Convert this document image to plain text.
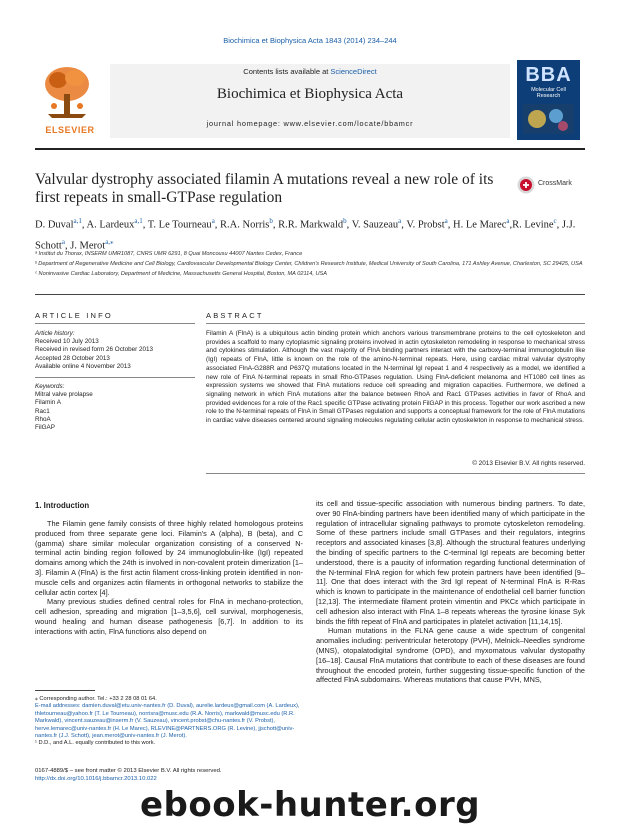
Biochimica et Biophysica Acta 1843 (2014) 234–244
ELSEVIER
Contents lists available at ScienceDirect
Biochimica et Biophysica Acta
journal homepage: www.elsevier.com/locate/bbamcr
BBA
Molecular Cell Research
Valvular dystrophy associated filamin A mutations reveal a new role of its first repeats in small-GTPase regulation
CrossMark
D. Duval$^{a,1}$, A. Lardeux$^{a,1}$, T. Le Tourneau$^a$, R.A. Norris$^b$, R.R. Markwald$^b$, V. Sauzeau$^a$, V. Probst$^a$, H. Le Marec$^a$,R. Levine$^c$, J.J. Schott$^a$, J. Merot$^{a,⁎}$

ᵃ Institut du Thorax, INSERM UMR1087, CNRS UMR 6291, 8 Quai Moncousu 44007 Nantes Cedex, France

ᵇ Department of Regenerative Medicine and Cell Biology, Cardiovascular Developmental Biology Center, Children's Research Institute, Medical University of South Carolina, 171 Ashley Avenue, Charleston, SC 29425, USA

ᶜ Noninvasive Cardiac Laboratory, Department of Medicine, Massachusetts General Hospital, Boston, MA 02114, USA

ARTICLE INFO	ABSTRACT
Article history:
Received 10 July 2013
Received in revised form 26 October 2013
Accepted 28 October 2013
Available online 4 November 2013
Keywords:
Mitral valve prolapse
Filamin A
Rac1
RhoA
FilGAP
Filamin A (FlnA) is a ubiquitous actin binding protein which anchors various transmembrane proteins to the cell cytoskeleton and provides a scaffold to many cytoplasmic signaling proteins involved in actin cytoskeleton remodeling in response to mechanical stress and cytokines stimulation. Although the vast majority of FlnA binding partners interact with the carboxy-terminal immunoglobulin like (IgI) repeats of FlnA, little is known on the role of the amino-N-terminal repeats. Here, using cardiac mitral valvular dystrophy associated FlnA-G288R and P637Q mutations located in the N-terminal IgI repeat 1 and 4 respectively as a model, we identified a new role of FlnA N-terminal repeats in small Rho-GTPases regulation. Using FlnA-deficient melanoma and HT1080 cell lines as expression systems we showed that FlnA mutations reduce cell spreading and migration capacities. Furthermore, we defined a signaling network in which FlnA mutations alter the balance between RhoA and Rac1 GTPases activities in favor of RhoA and provided evidences for a role of the Rac1 specific GTPase activating protein FilGAP in this process. Together our work ascribed a new role to the N-terminal repeats of FlnA in Small GTPases regulation and supports a conceptual framework for the role of FlnA mutations in cardiac valve diseases centered around signaling molecules regulating cellular actin cytoskeleton in response to mechanical stress.
© 2013 Elsevier B.V. All rights reserved.
1. Introduction

The Filamin gene family consists of three highly related homologous proteins produced from three separate gene loci. Filamin's A (alpha), B (beta), and C (gamma) share similar molecular organization consisting of a conserved N-terminal actin binding region followed by 24 immunoglobulin-like (IgI) repeated domains among which the 24th is involved in non-covalent protein dimerization [1–3]. Filamin A (FlnA) is the first actin filament cross-linking protein identified in non-muscle cells and organizes actin filaments in orthogonal networks to stabilize the cellular actin cortex [4].

Many previous studies defined central roles for FlnA in mechano-protection, cell adhesion, spreading and migration [1–3,5,6], cell survival, morphogenesis, wound healing and human disease pathogenesis [6,7]. In addition to its interactions with actin, FlnA functions also depend on

its cell and tissue-specific association with numerous binding partners. To date, over 90 FlnA-binding partners have been identified many of which participate in the regulation of intracellular signaling pathways to promote cytoskeleton remodeling. Some of these partners include small GTPases and their regulators, integrins receptors and associated kinases [3,8]. Although the structural features underlying the binding of specific partners to the C-terminal IgI repeats are becoming better understood, there is a paucity of information regarding functional determination of the N-terminal FlnA region for which few protein partners have been identified [9–11]. One that does interact with the 3rd IgI repeat of N-terminal FlnA is R-Ras which is known to participate in the maintenance of endothelial cell barrier function [12,13]. The intermediate filament protein vimentin and PKCε which participate in cell adhesion also interact with FlnA 1–8 repeats whereas the tyrosine kinase Syk binds the fifth repeat of FlnA and participates in platelet activation [11,14,15].

Human mutations in the FLNA gene cause a wide spectrum of congenital anomalies including: periventricular heterotopy (PVH), Melnick–Needles syndrome (MNS), otopalatodigital syndrome (OPD), and myxomatous valvular dystopathy [16–18]. Causal FlnA mutations that contribute to each of these diseases are found throughout the encoded protein, further suggesting tissue-specific function of the affected FlnA subdomains. Whereas mutations that cause PVH, MNS,

⁎ Corresponding author. Tel.: +33 2 28 08 01 64.

E-mail addresses: damien.duval@etu.univ-nantes.fr (D. Duval), aurelie.lardeux@gmail.com (A. Lardeux), thletourneau@yahoo.fr (T. Le Tourneau), norrisra@musc.edu (R.A. Norris), markwald@musc.edu (R.R. Markwald), vincent.sauzeau@inserm.fr (V. Sauzeau), vincent.probst@chu-nantes.fr (V. Probst), herve.lemarec@univ-nantes.fr (H. Le Marec), RLEVINE@PARTNERS.ORG (R. Levine), jjschott@univ-nantes.fr (J.J. Schott), jean.merot@univ-nantes.fr (J. Merot).

¹ D.D., and A.L. equally contributed to this work.

0167-4889/$ – see front matter © 2013 Elsevier B.V. All rights reserved.
http://dx.doi.org/10.1016/j.bbamcr.2013.10.022
ebook-hunter.org
